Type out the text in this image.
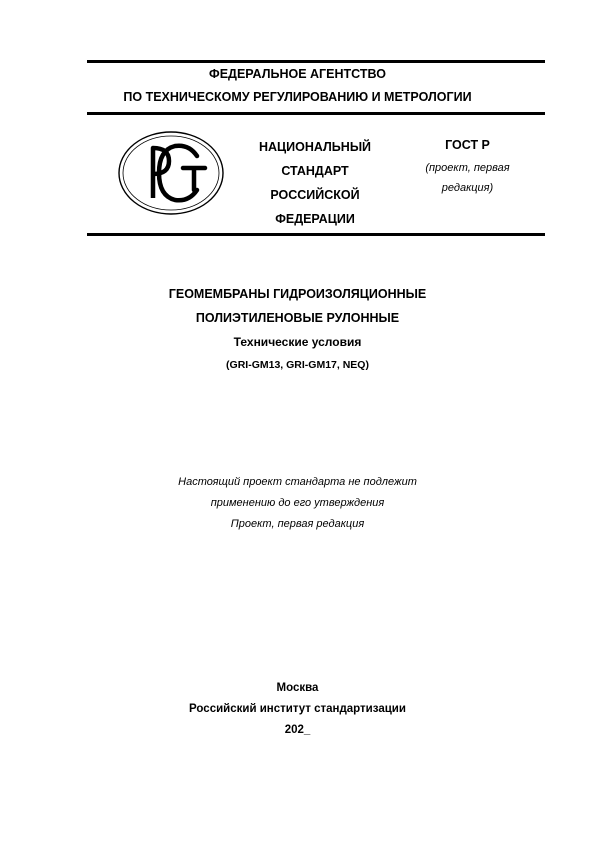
ФЕДЕРАЛЬНОЕ АГЕНТСТВО
ПО ТЕХНИЧЕСКОМУ РЕГУЛИРОВАНИЮ И МЕТРОЛОГИИ
НАЦИОНАЛЬНЫЙ
СТАНДАРТ
РОССИЙСКОЙ
ФЕДЕРАЦИИ
ГОСТ Р
(проект, первая
редакция)
ГЕОМЕМБРАНЫ ГИДРОИЗОЛЯЦИОННЫЕ
ПОЛИЭТИЛЕНОВЫЕ РУЛОННЫЕ
Технические условия
(GRI-GM13, GRI-GM17, NEQ)
Настоящий проект стандарта не подлежит
применению до его утверждения
Проект, первая редакция
Москва
Российский институт стандартизации
202_
